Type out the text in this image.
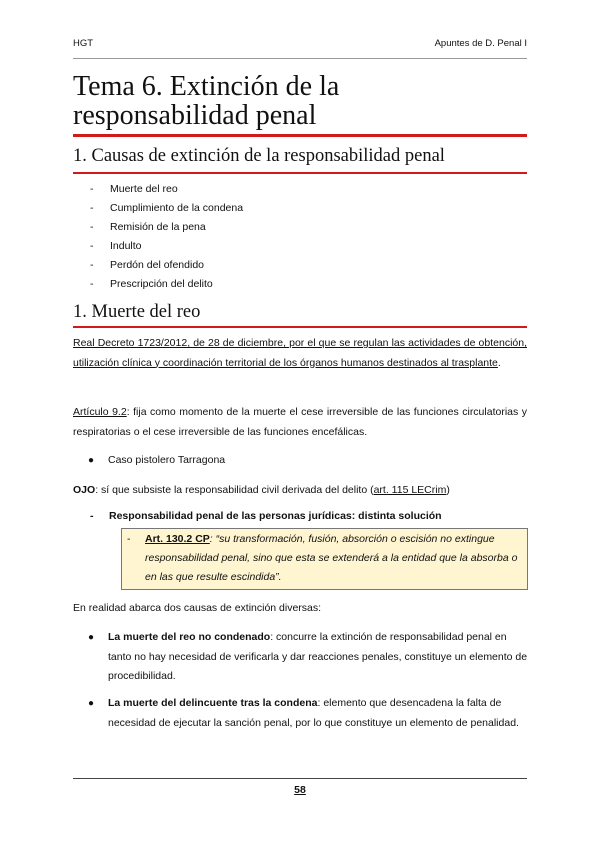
HGT	Apuntes de D. Penal I
Tema 6. Extinción de la
responsabilidad penal
1. Causas de extinción de la responsabilidad penal
- Muerte del reo
- Cumplimiento de la condena
- Remisión de la pena
- Indulto
- Perdón del ofendido
- Prescripción del delito
1. Muerte del reo

Real Decreto 1723/2012, de 28 de diciembre, por el que se regulan las actividades de obtención, utilización clínica y coordinación territorial de los órganos humanos destinados al trasplante.

Artículo 9.2: fija como momento de la muerte el cese irreversible de las funciones circulatorias y respiratorias o el cese irreversible de las funciones encefálicas.

●	Caso pistolero Tarragona

OJO: sí que subsiste la responsabilidad civil derivada del delito (art. 115 LECrim)

- Responsabilidad penal de las personas jurídicas: distinta solución
-	Art. 130.2 CP: “su transformación, fusión, absorción o escisión no extingue responsabilidad penal, sino que esta se extenderá a la entidad que la absorba o en las que resulte escindida”.

En realidad abarca dos causas de extinción diversas:

●	La muerte del reo no condenado: concurre la extinción de responsabilidad penal en tanto no hay necesidad de verificarla y dar reacciones penales, constituye un elemento de procedibilidad.
●	La muerte del delincuente tras la condena: elemento que desencadena la falta de necesidad de ejecutar la sanción penal, por lo que constituye un elemento de penalidad.
58
